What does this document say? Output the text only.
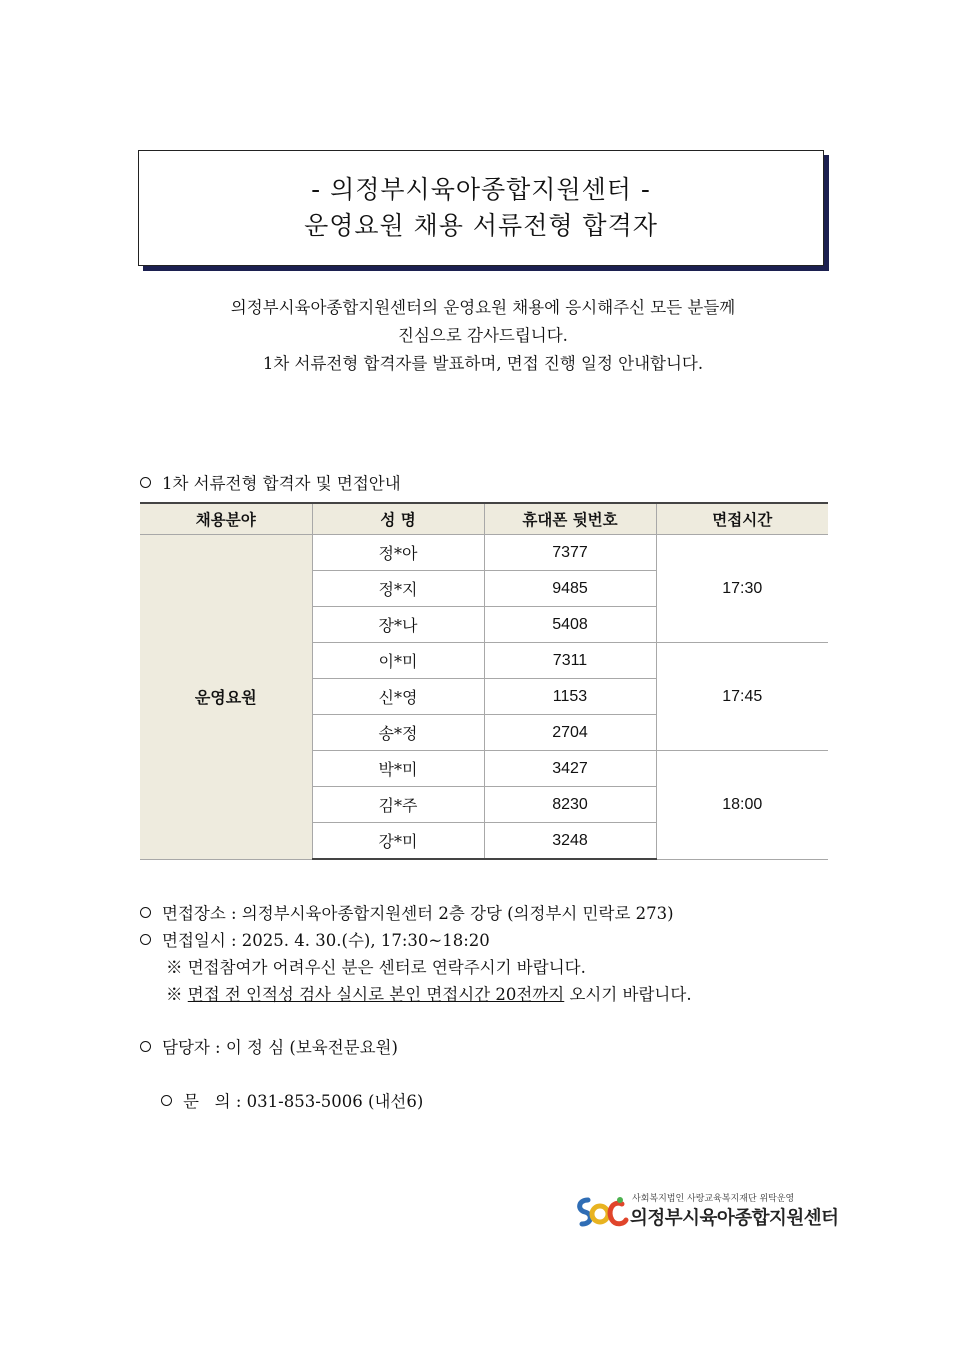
- 의정부시육아종합지원센터 -
운영요원 채용 서류전형 합격자
의정부시육아종합지원센터의 운영요원 채용에 응시해주신 모든 분들께
진심으로 감사드립니다.
1차 서류전형 합격자를 발표하며, 면접 진행 일정 안내합니다.
1차 서류전형 합격자 및 면접안내
채용분야	성 명	휴대폰 뒷번호	면접시간
운영요원	정*아	7377	17:30
	정*지	9485	
	장*나	5408	
	이*미	7311	17:45
	신*영	1153	
	송*정	2704	
	박*미	3427	18:00
	김*주	8230	
	강*미	3248	
면접장소 : 의정부시육아종합지원센터 2층 강당 (의정부시 민락로 273)
면접일시 : 2025. 4. 30.(수), 17:30~18:20
※ 면접참여가 어려우신 분은 센터로 연락주시기 바랍니다.
※ 면접 전 인적성 검사 실시로 본인 면접시간 20전까지 오시기 바랍니다.
담당자 : 이 정 심 (보육전문요원)

문   의 : 031-853-5006 (내선6)

사회복지법인 사랑교육복지재단 위탁운영
의정부시육아종합지원센터
